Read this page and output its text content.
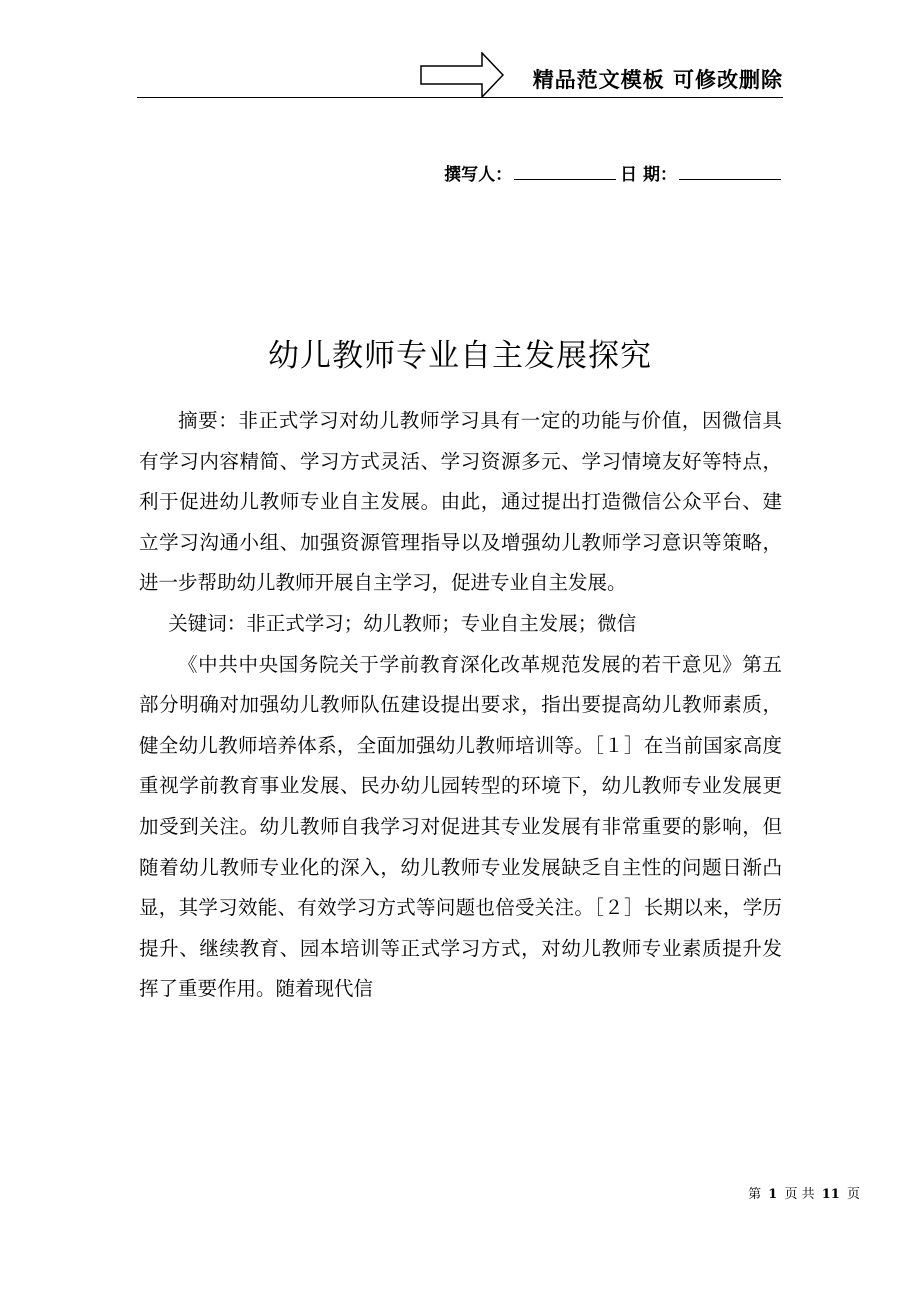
精品范文模板 可修改删除
撰写人：	日 期：
幼儿教师专业自主发展探究

摘要：非正式学习对幼儿教师学习具有一定的功能与价值，因微信具有学习内容精简、学习方式灵活、学习资源多元、学习情境友好等特点，利于促进幼儿教师专业自主发展。由此，通过提出打造微信公众平台、建立学习沟通小组、加强资源管理指导以及增强幼儿教师学习意识等策略，进一步帮助幼儿教师开展自主学习，促进专业自主发展。

关键词：非正式学习；幼儿教师；专业自主发展；微信

《中共中央国务院关于学前教育深化改革规范发展的若干意见》第五部分明确对加强幼儿教师队伍建设提出要求，指出要提高幼儿教师素质，健全幼儿教师培养体系，全面加强幼儿教师培训等。［１］在当前国家高度重视学前教育事业发展、民办幼儿园转型的环境下，幼儿教师专业发展更加受到关注。幼儿教师自我学习对促进其专业发展有非常重要的影响，但随着幼儿教师专业化的深入，幼儿教师专业发展缺乏自主性的问题日渐凸显，其学习效能、有效学习方式等问题也倍受关注。［２］长期以来，学历提升、继续教育、园本培训等正式学习方式，对幼儿教师专业素质提升发挥了重要作用。随着现代信

第 1 页 共 11 页
